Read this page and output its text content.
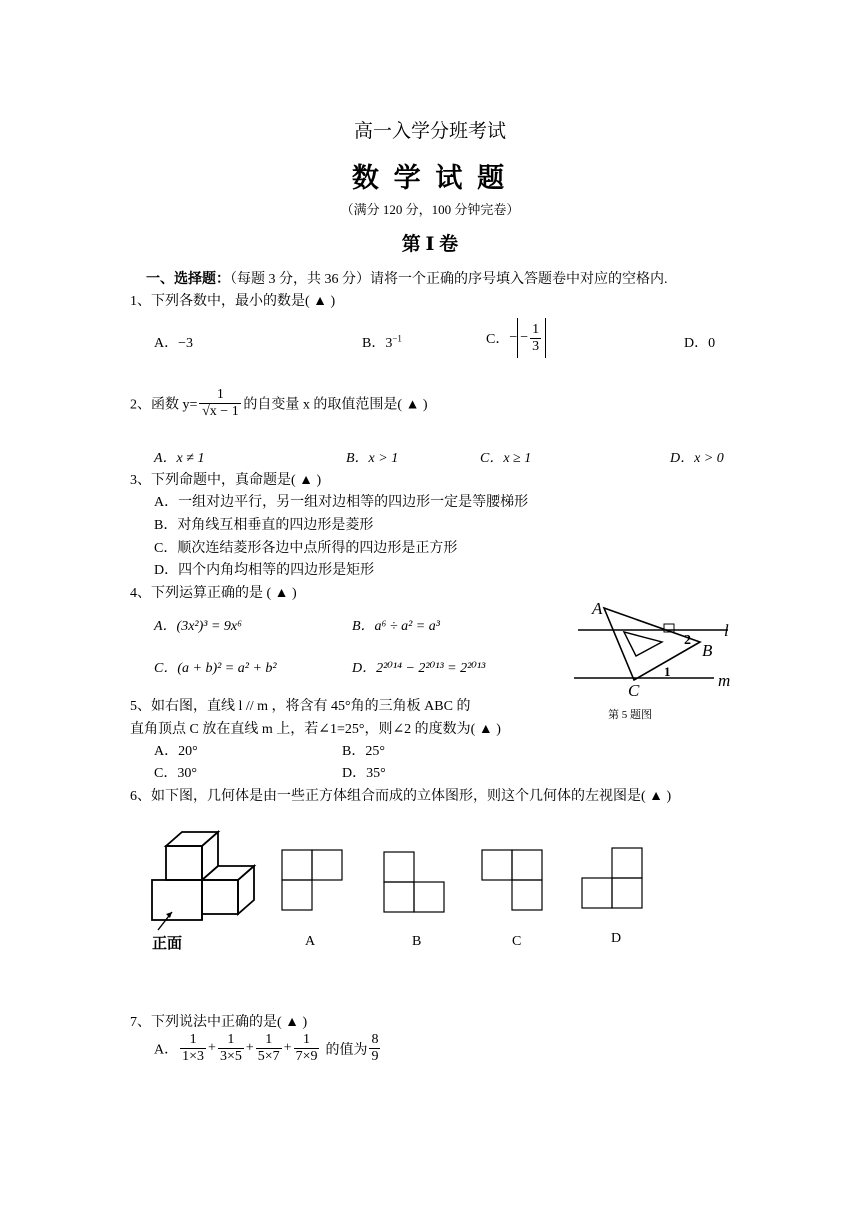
高一入学分班考试
数 学 试 题
（满分 120 分，100 分钟完卷）
第 Ⅰ 卷
一、选择题：（每题 3 分，共 36 分）请将一个正确的序号填入答题卷中对应的空格内.
1、下列各数中，最小的数是( ▲ )
A．−3	B．$3^{-1}$	C．− − $\frac{1}{3}$	D．0
2、函数 $y= \frac{1}{√x - 1}$ 的自变量 x 的取值范围是( ▲ )
A．x ≠ 1	B．x > 1	C．x ≥ 1	D．x > 0
3、下列命题中，真命题是( ▲ )
A．一组对边平行，另一组对边相等的四边形一定是等腰梯形
B．对角线互相垂直的四边形是菱形
C．顺次连结菱形各边中点所得的四边形是正方形
D．四个内角均相等的四边形是矩形
4、下列运算正确的是 ( ▲ )
A．(3x²)³ = 9x⁶	B．a⁶ ÷ a² = a³
C．(a + b)² = a² + b²	D．2²⁰¹⁴ − 2²⁰¹³ = 2²⁰¹³
A
B
C
l
m
2
1
第 5 题图
5、如右图，直线 l // m ，将含有 45°角的三角板 ABC 的
直角顶点 C 放在直线 m 上，若∠1=25°，则∠2 的度数为( ▲ )
A．20°	B．25°
C．30°	D．35°
6、如下图，几何体是由一些正方体组合而成的立体图形，则这个几何体的左视图是( ▲ )
正面	A	B	C	D
7、下列说法中正确的是( ▲ )
A． $\frac{1}{1\times 3} + \frac{1}{3\times 5} + \frac{1}{5\times 7} + \frac{1}{7\times 9}$ 的值为 $\frac{8}{9}$
